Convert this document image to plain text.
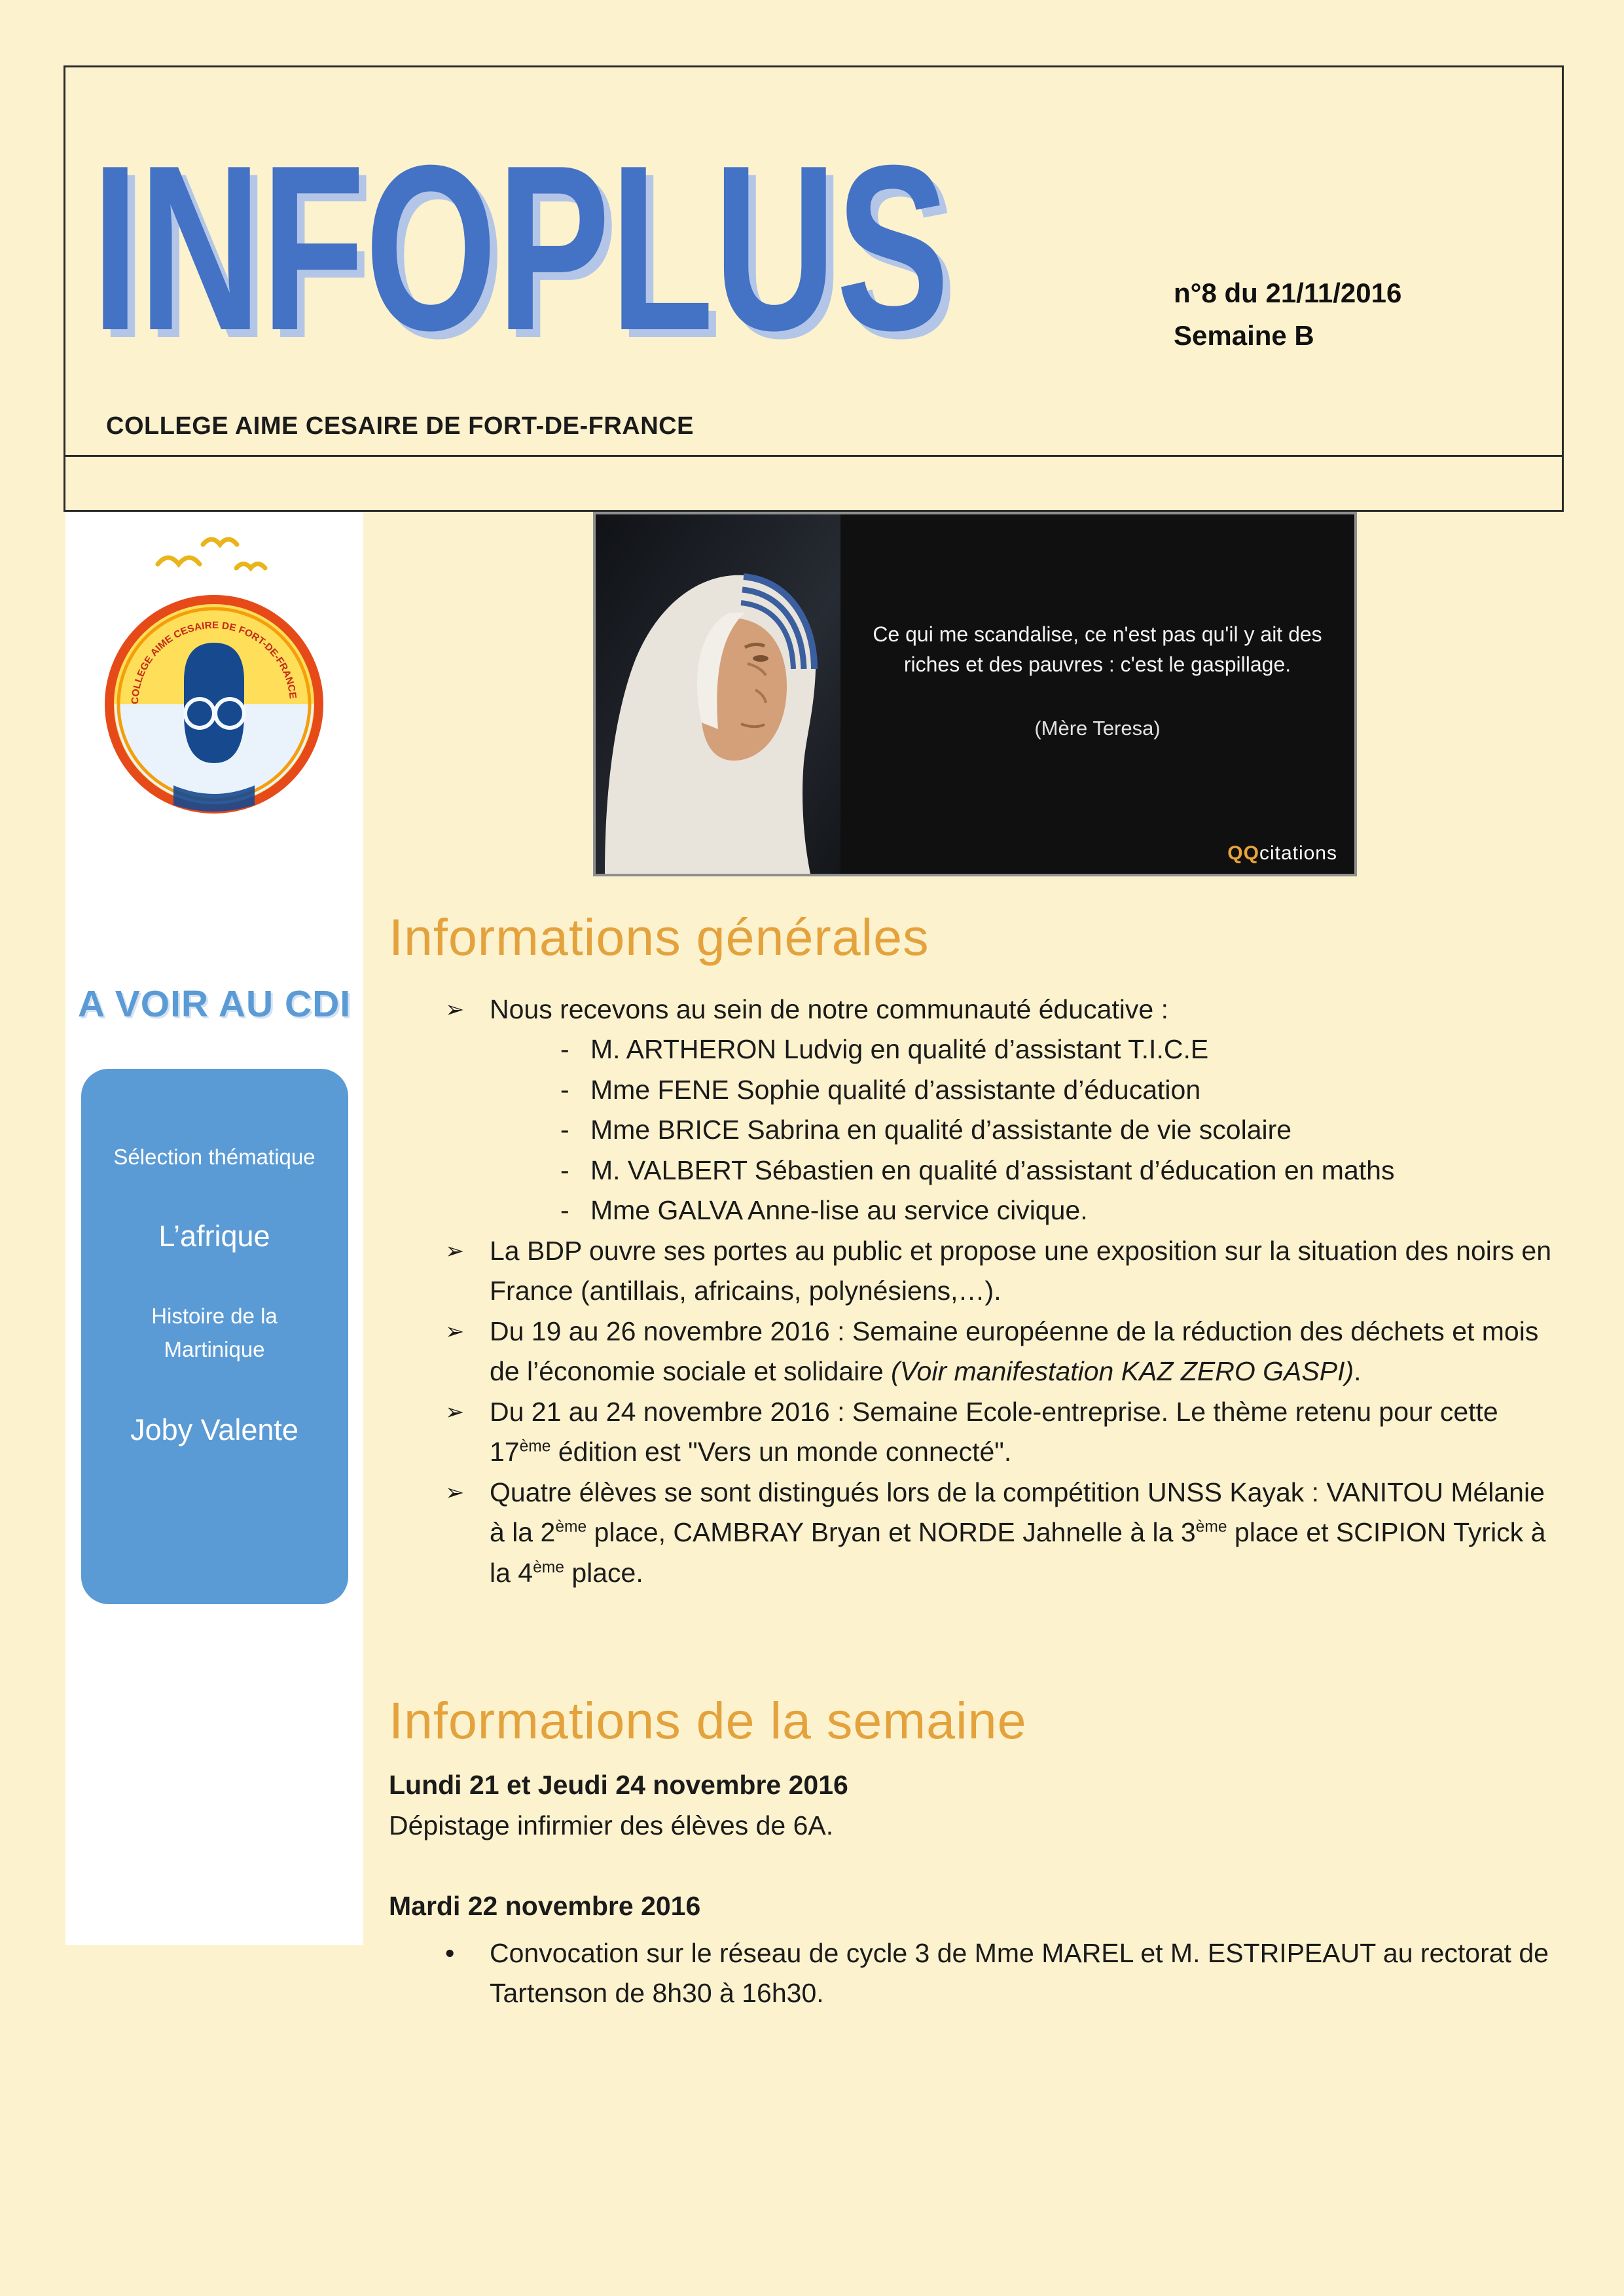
INFOPLUS	n°8 du 21/11/2016
Semaine B
COLLEGE AIME CESAIRE DE FORT-DE-FRANCE
COLLEGE AIME CESAIRE DE FORT-DE-FRANCE
A VOIR AU CDI
Sélection thématique
L’afrique
Histoire de la Martinique
Joby Valente
Ce qui me scandalise, ce n'est pas qu'il y ait des
riches et des pauvres : c'est le gaspillage.
(Mère Teresa)
QQcitations
Informations générales
➢ Nous recevons au sein de notre communauté éducative :
- M. ARTHERON Ludvig en qualité d’assistant T.I.C.E
- Mme FENE Sophie qualité d’assistante d’éducation
- Mme BRICE Sabrina en qualité d’assistante de vie scolaire
- M. VALBERT Sébastien en qualité d’assistant d’éducation en maths
- Mme GALVA Anne-lise au service civique.
➢ La BDP ouvre ses portes au public et propose une exposition sur la situation des noirs en France (antillais, africains, polynésiens,…).
➢ Du 19 au 26 novembre 2016 : Semaine européenne de la réduction des déchets et mois de l’économie sociale et solidaire (Voir manifestation KAZ ZERO GASPI).
➢ Du 21 au 24 novembre 2016 : Semaine Ecole-entreprise. Le thème retenu pour cette 17ème édition est "Vers un monde connecté".
➢ Quatre élèves se sont distingués lors de la compétition UNSS Kayak : VANITOU Mélanie à la 2ème place, CAMBRAY Bryan et NORDE Jahnelle à la 3ème place et SCIPION Tyrick à la 4ème place.
Informations de la semaine
Lundi 21 et Jeudi 24 novembre 2016
Dépistage infirmier des élèves de 6A.
Mardi 22 novembre 2016
•	Convocation sur le réseau de cycle 3 de Mme MAREL et M. ESTRIPEAUT au rectorat de Tartenson de 8h30 à 16h30.
